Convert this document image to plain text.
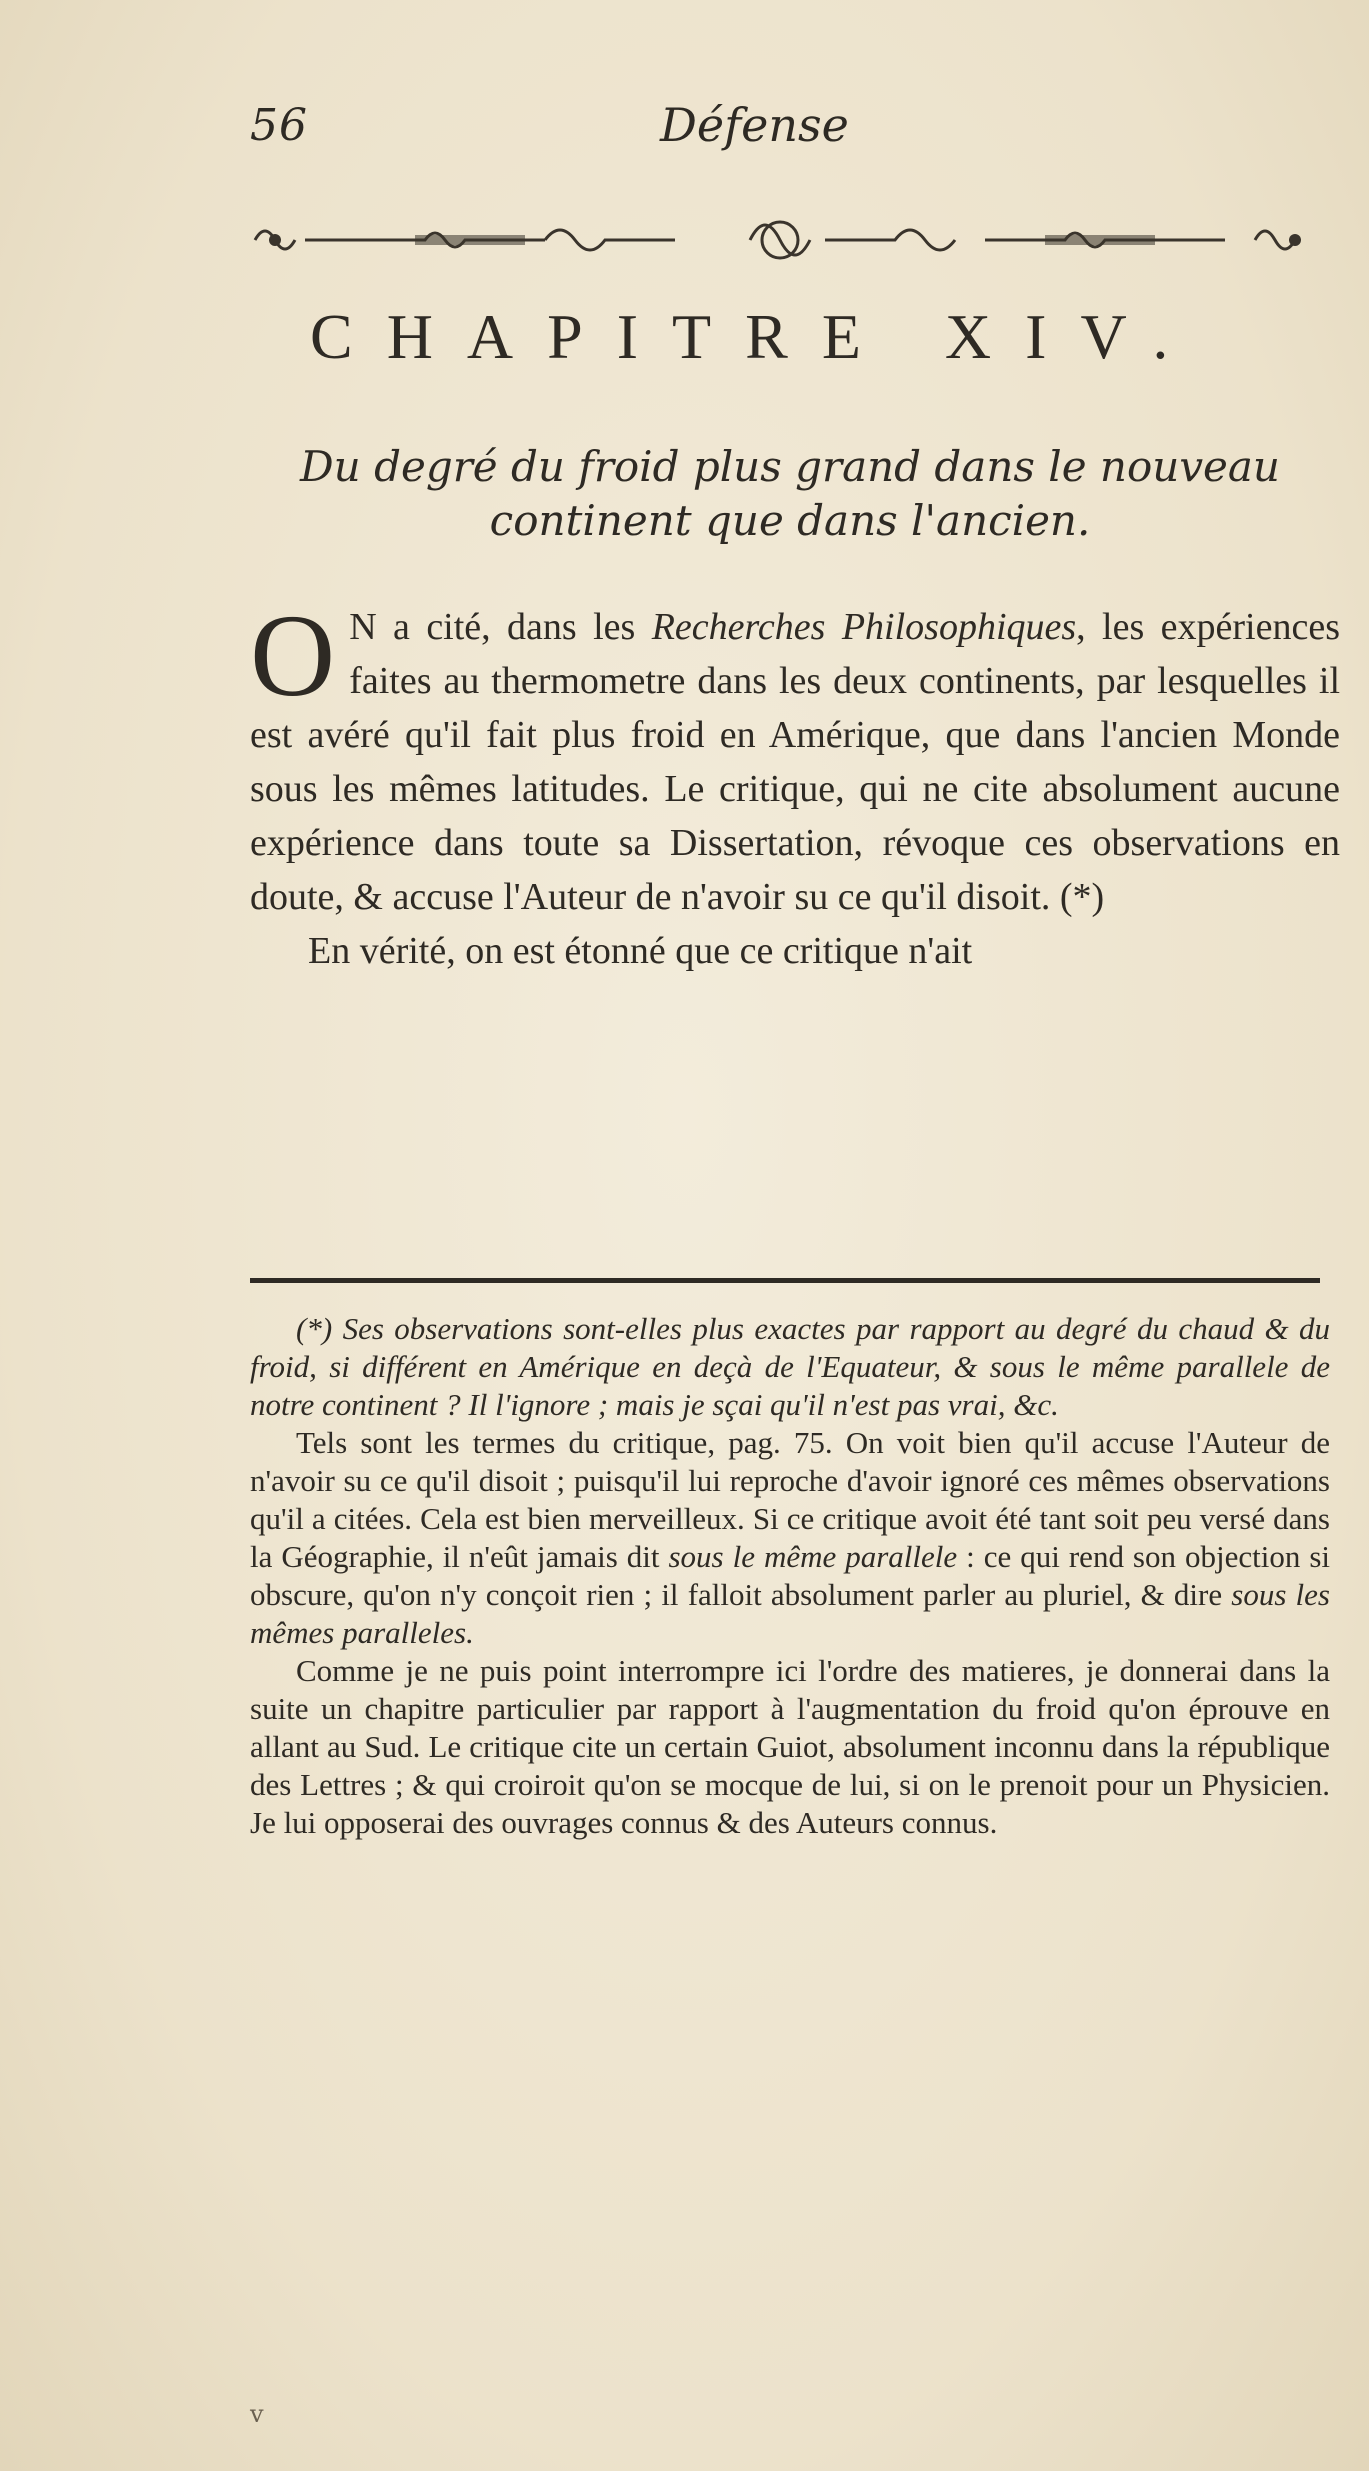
56	Défense
CHAPITRE XIV.
Du degré du froid plus grand dans le nouveau continent que dans l'ancien.

O N a cité, dans les Recherches Philosophiques, les expériences faites au thermometre dans les deux continents, par lesquelles il est avéré qu'il fait plus froid en Amérique, que dans l'ancien Monde sous les mêmes latitudes. Le critique, qui ne cite absolument aucune expérience dans toute sa Dissertation, révoque ces observations en doute, & accuse l'Auteur de n'avoir su ce qu'il disoit. (*)

En vérité, on est étonné que ce critique n'ait

(*) Ses observations sont-elles plus exactes par rapport au degré du chaud & du froid, si différent en Amérique en deçà de l'Equateur, & sous le même parallele de notre continent ? Il l'ignore ; mais je sçai qu'il n'est pas vrai, &c.

Tels sont les termes du critique, pag. 75. On voit bien qu'il accuse l'Auteur de n'avoir su ce qu'il disoit ; puisqu'il lui reproche d'avoir ignoré ces mêmes observations qu'il a citées. Cela est bien merveilleux. Si ce critique avoit été tant soit peu versé dans la Géographie, il n'eût jamais dit sous le même parallele : ce qui rend son objection si obscure, qu'on n'y conçoit rien ; il falloit absolument parler au pluriel, & dire sous les mêmes paralleles.

Comme je ne puis point interrompre ici l'ordre des matieres, je donnerai dans la suite un chapitre particulier par rapport à l'augmentation du froid qu'on éprouve en allant au Sud. Le critique cite un certain Guiot, absolument inconnu dans la république des Lettres ; & qui croiroit qu'on se mocque de lui, si on le prenoit pour un Physicien. Je lui opposerai des ouvrages connus & des Auteurs connus.

v
